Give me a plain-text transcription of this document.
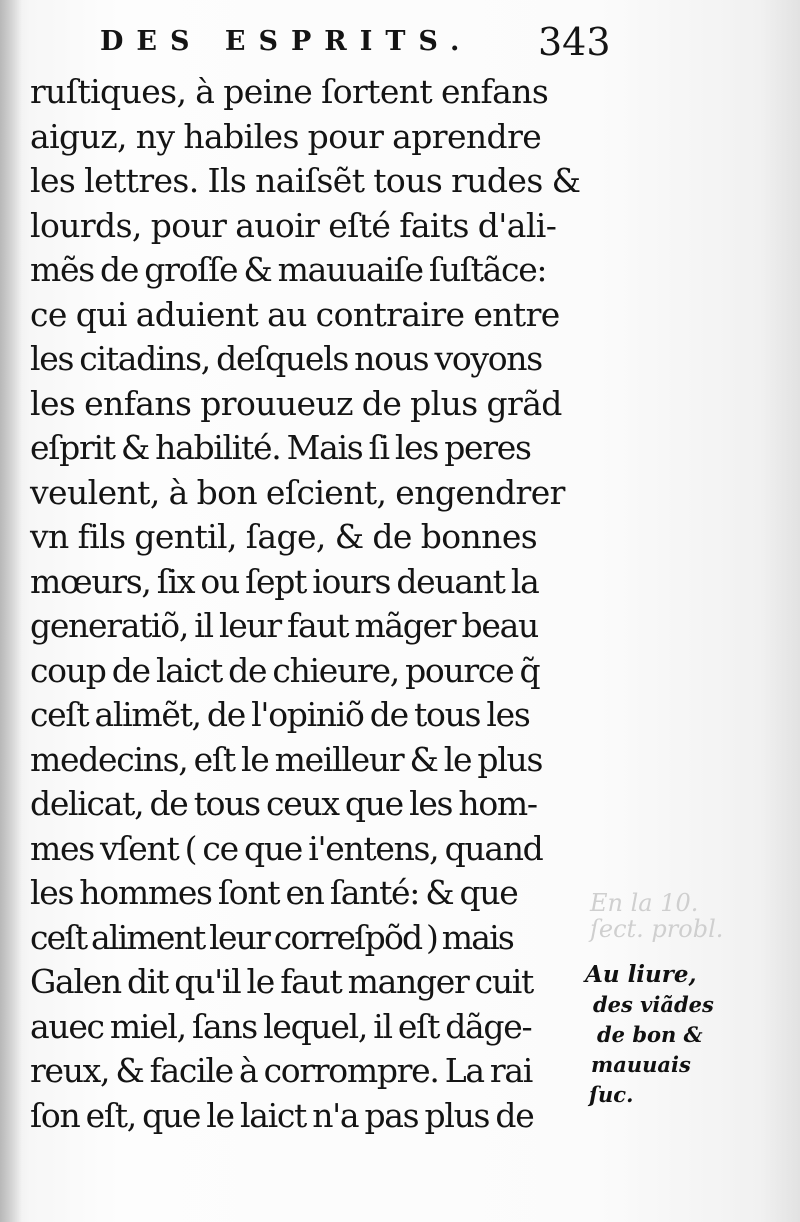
DES ESPRITS. 343
En la 10.
ſect. probl.
ruſtiques, à peine ſortent enfans
aiguz, ny habiles pour aprendre
les lettres. Ils naiſsẽt tous rudes &
lourds, pour auoir eſté faits d'ali-
mẽs de groſſe & mauuaiſe ſuſtãce:
ce qui aduient au contraire entre
les citadins, deſquels nous voyons
les enfans prouueuz de plus grãd
eſprit & habilité. Mais ſi les peres
veulent, à bon eſcient, engendrer
vn fils gentil, ſage, & de bonnes
mœurs, ſix ou ſept iours deuant la
generatiõ, il leur faut mãger beau
coup de laict de chieure, pource q̃
ceſt alimẽt, de l'opiniõ de tous les
medecins, eſt le meilleur & le plus
delicat, de tous ceux que les hom-
mes vſent ( ce que i'entens, quand
les hommes ſont en ſanté: & que
ceſt aliment leur correſpõd ) mais
Galen dit qu'il le faut manger cuit
auec miel, ſans lequel, il eſt dãge-
reux, & facile à corrompre. La rai
ſon eſt, que le laict n'a pas plus de
Au liure,
des viãdes
de bon &
mauuais
ſuc.
